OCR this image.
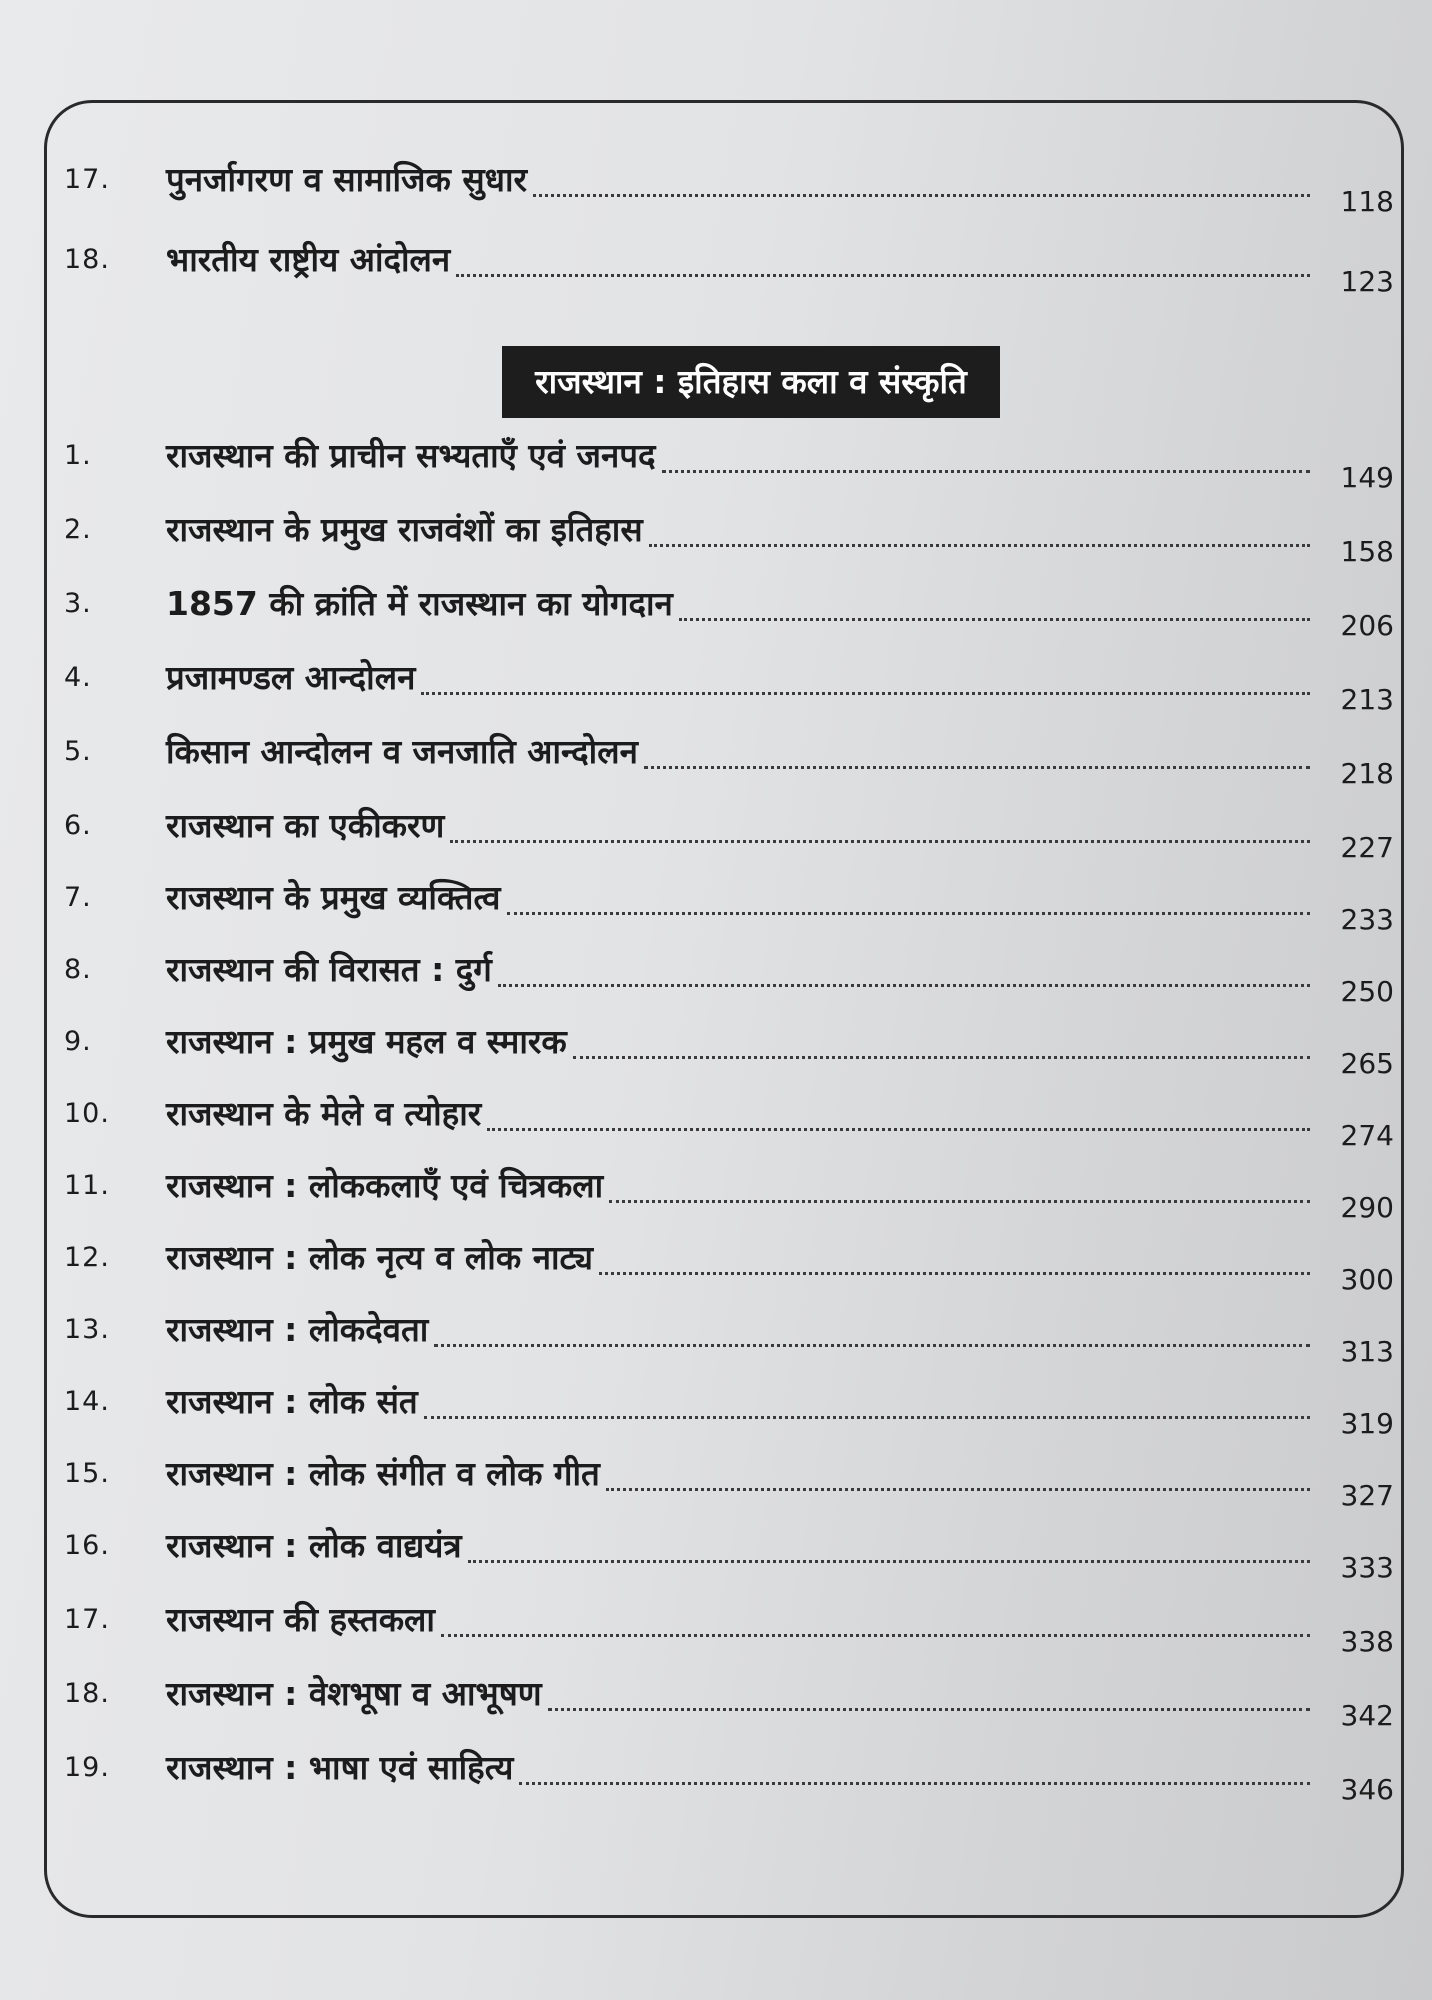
17.	पुनर्जागरण व सामाजिक सुधार
118
18.	भारतीय राष्ट्रीय आंदोलन
123
राजस्थान : इतिहास कला व संस्कृति
1.	राजस्थान की प्राचीन सभ्यताएँ एवं जनपद
149
2.	राजस्थान के प्रमुख राजवंशों का इतिहास
158
3.	1857 की क्रांति में राजस्थान का योगदान
206
4.	प्रजामण्डल आन्दोलन
213
5.	किसान आन्दोलन व जनजाति आन्दोलन
218
6.	राजस्थान का एकीकरण
227
7.	राजस्थान के प्रमुख व्यक्तित्व
233
8.	राजस्थान की विरासत : दुर्ग
250
9.	राजस्थान : प्रमुख महल व स्मारक
265
10.	राजस्थान के मेले व त्योहार
274
11.	राजस्थान : लोककलाएँ एवं चित्रकला
290
12.	राजस्थान : लोक नृत्य व लोक नाट्य
300
13.	राजस्थान : लोकदेवता
313
14.	राजस्थान : लोक संत
319
15.	राजस्थान : लोक संगीत व लोक गीत
327
16.	राजस्थान : लोक वाद्ययंत्र
333
17.	राजस्थान की हस्तकला
338
18.	राजस्थान : वेशभूषा व आभूषण
342
19.	राजस्थान : भाषा एवं साहित्य
346
